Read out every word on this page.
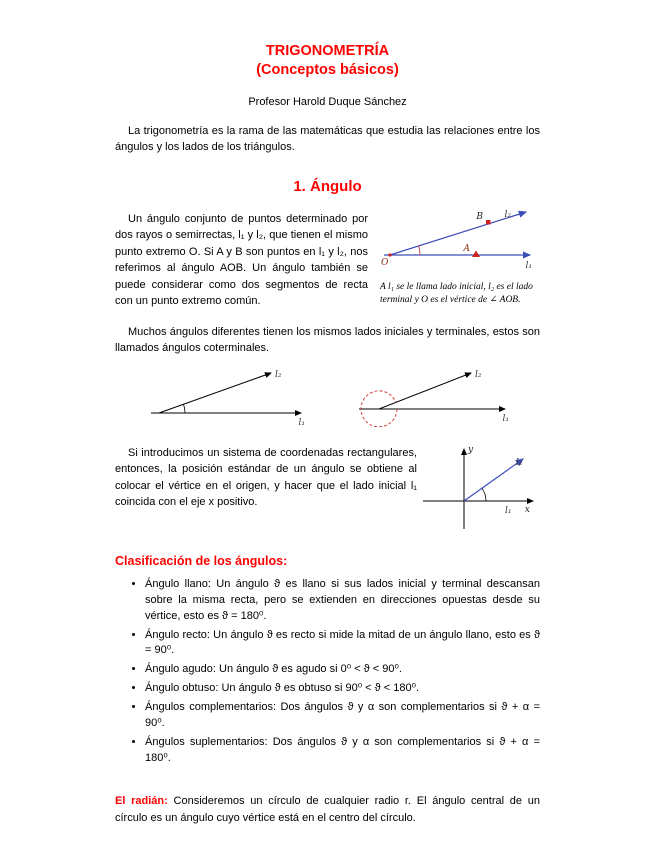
TRIGONOMETRÍA
(Conceptos básicos)
Profesor Harold Duque Sánchez

La trigonometría es la rama de las matemáticas que estudia las relaciones entre los ángulos y los lados de los triángulos.

1. Ángulo

Un ángulo conjunto de puntos determinado por dos rayos o semirrectas, l₁ y l₂, que tienen el mismo punto extremo O. Si A y B son puntos en l₁ y l₂, nos referimos al ángulo AOB. Un ángulo también se puede considerar como dos segmentos de recta con un punto extremo común.

A
B
O	l₁
l₂

A l₁ se le llama lado inicial, l₂ es el lado terminal y O es el vértice de ∠ AOB.

Muchos ángulos diferentes tienen los mismos lados iniciales y terminales, estos son llamados ángulos coterminales.

l₂
l₁
l₂
l₁

Si introducimos un sistema de coordenadas rectangulares, entonces, la posición estándar de un ángulo se obtiene al colocar el vértice en el origen, y hacer que el lado inicial l₁ coincida con el eje x positivo.

y
x
l₂
l₁
Clasificación de los ángulos:
• Ángulo llano: Un ángulo ϑ es llano si sus lados inicial y terminal descansan sobre la misma recta, pero se extienden en direcciones opuestas desde su vértice, esto es ϑ = 180⁰.
• Ángulo recto: Un ángulo ϑ es recto si mide la mitad de un ángulo llano, esto es ϑ = 90⁰.
• Ángulo agudo: Un ángulo ϑ es agudo si 0⁰ < ϑ < 90⁰.
• Ángulo obtuso: Un ángulo ϑ es obtuso si 90⁰ < ϑ < 180⁰.
• Ángulos complementarios: Dos ángulos ϑ y α son complementarios si ϑ + α = 90⁰.
• Ángulos suplementarios: Dos ángulos ϑ y α son complementarios si ϑ + α = 180⁰.

El radián: Consideremos un círculo de cualquier radio r. El ángulo central de un círculo es un ángulo cuyo vértice está en el centro del círculo.
